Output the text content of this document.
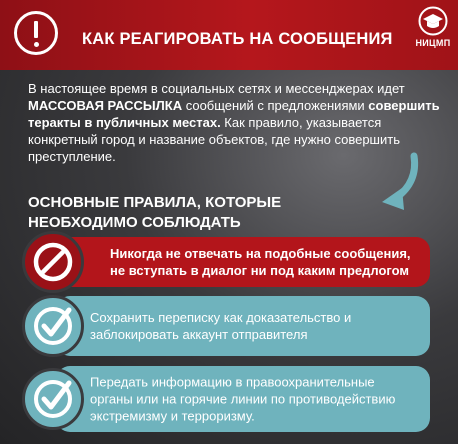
КАК РЕАГИРОВАТЬ НА СООБЩЕНИЯ	НИЦМП
В настоящее время в социальных сетях и мессенджерах идет МАССОВАЯ РАССЫЛКА сообщений с предложениями совершить теракты в публичных местах. Как правило, указывается конкретный город и название объектов, где нужно совершить преступление.
ОСНОВНЫЕ ПРАВИЛА, КОТОРЫЕ НЕОБХОДИМО СОБЛЮДАТЬ
Никогда не отвечать на подобные сообщения, не вступать в диалог ни под каким предлогом
Сохранить переписку как доказательство и заблокировать аккаунт отправителя
Передать информацию в правоохранительные органы или на горячие линии по противодействию экстремизму и терроризму.
